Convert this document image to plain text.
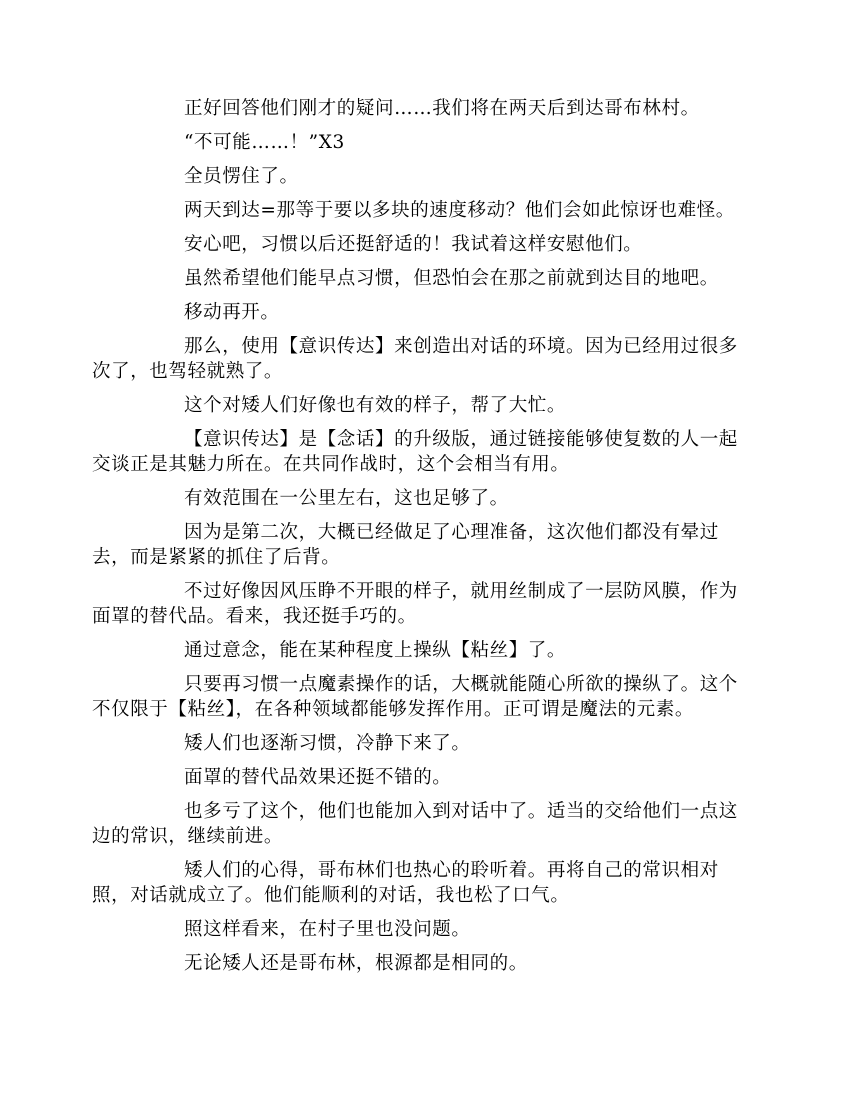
正好回答他们刚才的疑问……我们将在两天后到达哥布林村。

“不可能……！”X3

全员愣住了。

两天到达=那等于要以多块的速度移动？他们会如此惊讶也难怪。

安心吧，习惯以后还挺舒适的！我试着这样安慰他们。

虽然希望他们能早点习惯，但恐怕会在那之前就到达目的地吧。

移动再开。

那么，使用【意识传达】来创造出对话的环境。因为已经用过很多次了，也驾轻就熟了。

这个对矮人们好像也有效的样子，帮了大忙。

【意识传达】是【念话】的升级版，通过链接能够使复数的人一起交谈正是其魅力所在。在共同作战时，这个会相当有用。

有效范围在一公里左右，这也足够了。

因为是第二次，大概已经做足了心理准备，这次他们都没有晕过去，而是紧紧的抓住了后背。

不过好像因风压睁不开眼的样子，就用丝制成了一层防风膜，作为面罩的替代品。看来，我还挺手巧的。

通过意念，能在某种程度上操纵【粘丝】了。

只要再习惯一点魔素操作的话，大概就能随心所欲的操纵了。这个不仅限于【粘丝】，在各种领域都能够发挥作用。正可谓是魔法的元素。

矮人们也逐渐习惯，冷静下来了。

面罩的替代品效果还挺不错的。

也多亏了这个，他们也能加入到对话中了。适当的交给他们一点这边的常识，继续前进。

矮人们的心得，哥布林们也热心的聆听着。再将自己的常识相对照，对话就成立了。他们能顺利的对话，我也松了口气。

照这样看来，在村子里也没问题。

无论矮人还是哥布林，根源都是相同的。
